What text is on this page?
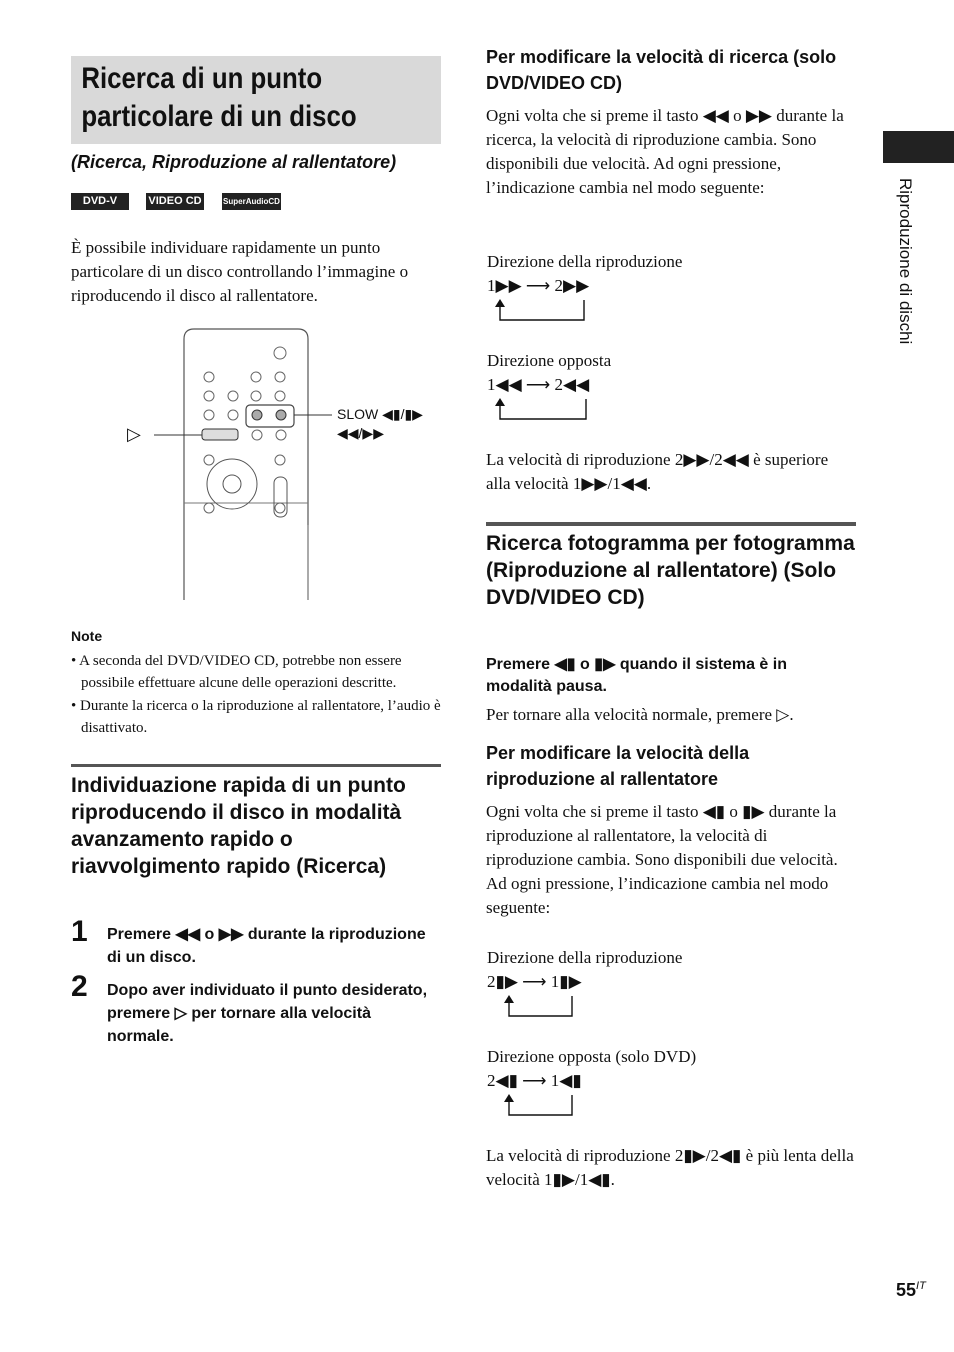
Ricerca di un punto particolare di un disco
(Ricerca, Riproduzione al rallentatore)
DVD-V	VIDEO CD	SuperAudioCD
È possibile individuare rapidamente un punto particolare di un disco controllando l’immagine o riproducendo il disco al rallentatore.
▷
SLOW ◀▮/▮▶
◀◀/▶▶
Note
• A seconda del DVD/VIDEO CD, potrebbe non essere possibile effettuare alcune delle operazioni descritte.
• Durante la ricerca o la riproduzione al rallentatore, l’audio è disattivato.
Individuazione rapida di un punto riproducendo il disco in modalità avanzamento rapido o riavvolgimento rapido (Ricerca)
1 Premere ◀◀ o ▶▶ durante la riproduzione di un disco.
2 Dopo aver individuato il punto desiderato, premere ▷ per tornare alla velocità normale.
Per modificare la velocità di ricerca (solo DVD/VIDEO CD)
Ogni volta che si preme il tasto ◀◀ o ▶▶ durante la ricerca, la velocità di riproduzione cambia. Sono disponibili due velocità. Ad ogni pressione, l’indicazione cambia nel modo seguente:
Direzione della riproduzione
1▶▶ ⟶ 2▶▶
Direzione opposta
1◀◀ ⟶ 2◀◀
La velocità di riproduzione 2▶▶/2◀◀ è superiore alla velocità 1▶▶/1◀◀.
Ricerca fotogramma per fotogramma (Riproduzione al rallentatore) (Solo DVD/VIDEO CD)
Premere ◀▮ o ▮▶ quando il sistema è in modalità pausa.
Per tornare alla velocità normale, premere ▷.
Per modificare la velocità della riproduzione al rallentatore
Ogni volta che si preme il tasto ◀▮ o ▮▶ durante la riproduzione al rallentatore, la velocità di riproduzione cambia. Sono disponibili due velocità. Ad ogni pressione, l’indicazione cambia nel modo seguente:
Direzione della riproduzione
2▮▶ ⟶ 1▮▶
Direzione opposta (solo DVD)
2◀▮ ⟶ 1◀▮
La velocità di riproduzione 2▮▶/2◀▮ è più lenta della velocità 1▮▶/1◀▮.
Riproduzione di dischi
$55^{IT}$
